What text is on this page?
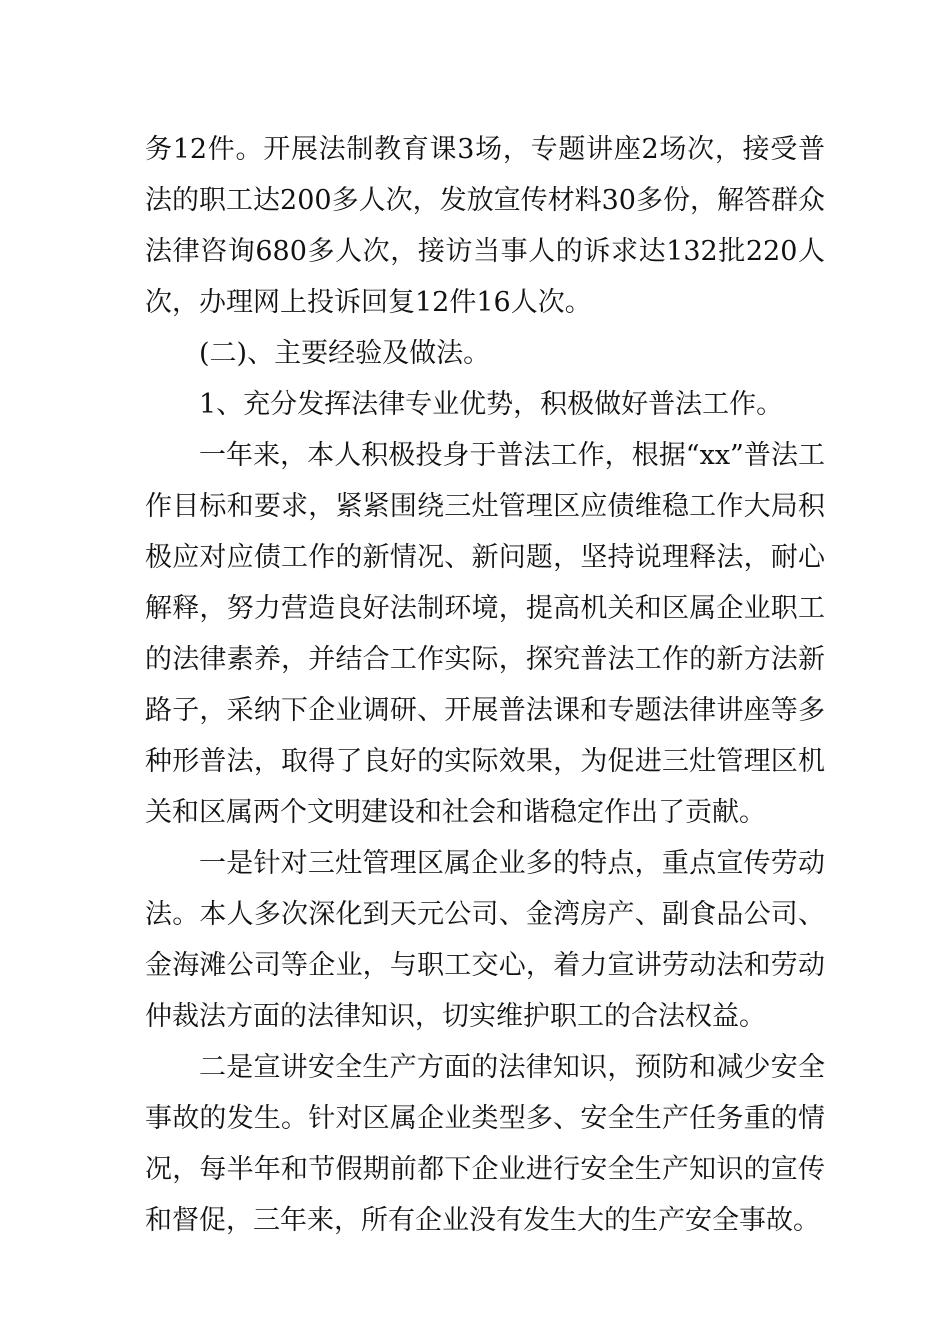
务12件。开展法制教育课3场，专题讲座2场次，接受普法的职工达200多人次，发放宣传材料30多份，解答群众法律咨询680多人次，接访当事人的诉求达132批220人次，办理网上投诉回复12件16人次。

(二)、主要经验及做法。

1、充分发挥法律专业优势，积极做好普法工作。

一年来，本人积极投身于普法工作，根据“xx”普法工作目标和要求，紧紧围绕三灶管理区应债维稳工作大局积极应对应债工作的新情况、新问题，坚持说理释法，耐心解释，努力营造良好法制环境，提高机关和区属企业职工的法律素养，并结合工作实际，探究普法工作的新方法新路子，采纳下企业调研、开展普法课和专题法律讲座等多种形普法，取得了良好的实际效果，为促进三灶管理区机关和区属两个文明建设和社会和谐稳定作出了贡献。

一是针对三灶管理区属企业多的特点，重点宣传劳动法。本人多次深化到天元公司、金湾房产、副食品公司、金海滩公司等企业，与职工交心，着力宣讲劳动法和劳动仲裁法方面的法律知识，切实维护职工的合法权益。

二是宣讲安全生产方面的法律知识，预防和减少安全事故的发生。针对区属企业类型多、安全生产任务重的情况，每半年和节假期前都下企业进行安全生产知识的宣传和督促，三年来，所有企业没有发生大的生产安全事故。
